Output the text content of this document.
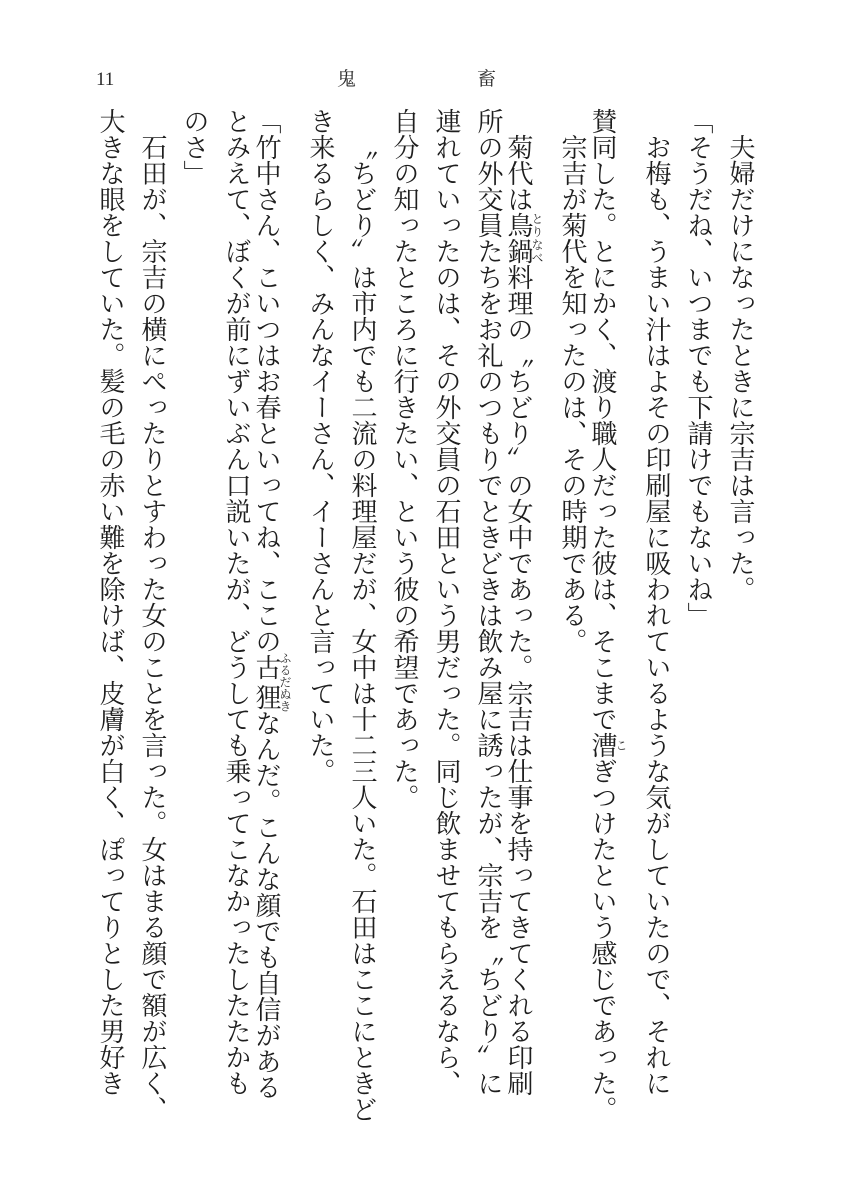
11	鬼	畜
夫婦だけになったときに宗吉は言った。
「そうだね、いつまでも下請けでもないね」
お梅も、うまい汁はよその印刷屋に吸われているような気がしていたので、それに
賛同した。とにかく、渡り職人だった彼は、そこまで漕こぎつけたという感じであった。
宗吉が菊代を知ったのは、その時期である。
菊代は鳥鍋とりなべ料理の〝ちどり〟の女中であった。宗吉は仕事を持ってきてくれる印刷
所の外交員たちをお礼のつもりでときどきは飲み屋に誘ったが、宗吉を〝ちどり〟に
連れていったのは、その外交員の石田という男だった。同じ飲ませてもらえるなら、
自分の知ったところに行きたい、という彼の希望であった。
〝ちどり〟は市内でも二流の料理屋だが、女中は十二三人いた。石田はここにときど
き来るらしく、みんなイーさん、イーさんと言っていた。
「竹中さん、こいつはお春といってね、ここの古狸ふるだぬきなんだ。こんな顔でも自信がある
とみえて、ぼくが前にずいぶん口説いたが、どうしても乗ってこなかったしたたかも
のさ」
石田が、宗吉の横にぺったりとすわった女のことを言った。女はまる顔で額が広く、
大きな眼をしていた。髪の毛の赤い難を除けば、皮膚が白く、ぽってりとした男好き
